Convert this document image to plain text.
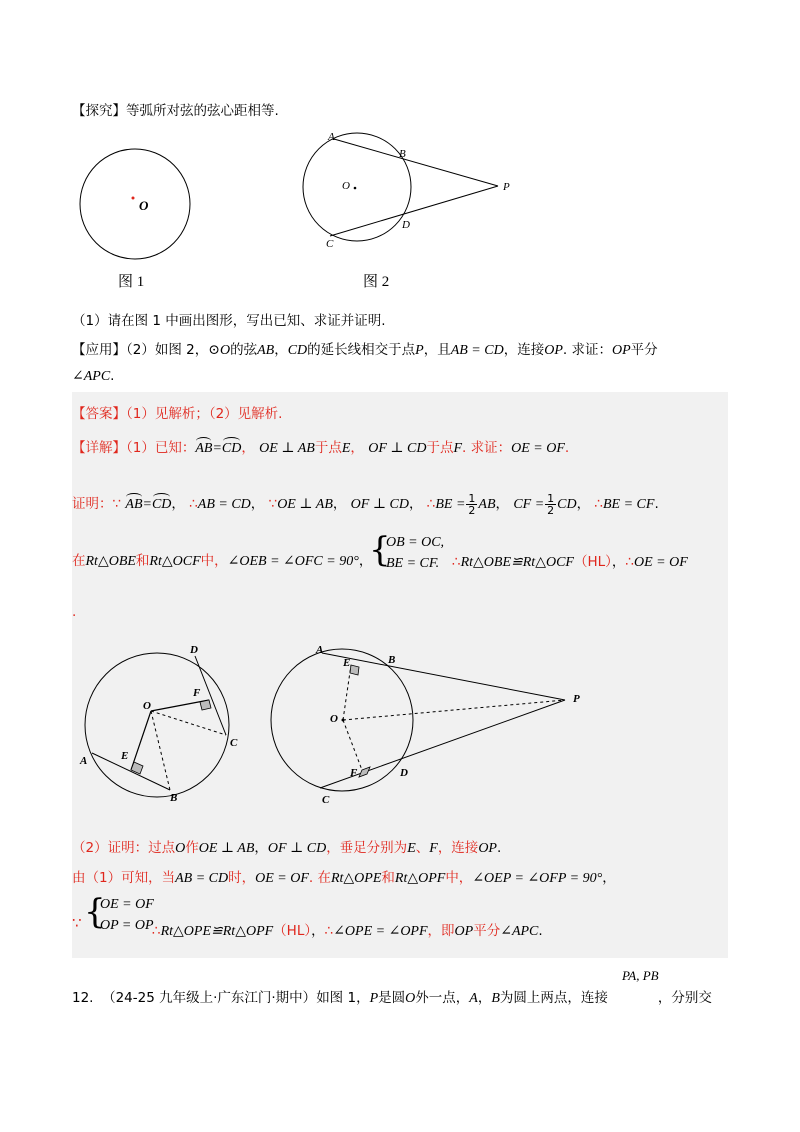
【探究】等弧所对弦的弦心距相等.
O
图 1
A
B
O	P
C
D
图 2
（1）请在图 1 中画出图形，写出已知、求证并证明.
【应用】（2）如图 2，⊙O的弦AB，CD的延长线相交于点P，且AB = CD，连接OP. 求证：OP平分
∠APC.
【答案】（1）见解析；（2）见解析.
【详解】（1）已知：AB=CD， OE ⊥ AB于点E， OF ⊥ CD于点F. 求证：OE = OF.
证明：∵ AB=CD， ∴AB = CD， ∵OE ⊥ AB， OF ⊥ CD， ∴BE = $\frac{1}{2}$ AB， CF = $\frac{1}{2}$ CD， ∴BE = CF.
在Rt△OBE和Rt△OCF中，∠OEB = ∠OFC = 90°，
{
OB = OC,
BE = CF. ∴Rt△OBE≌Rt△OCF（HL），∴OE = OF
.
D
F
O
C
E
A
B
A
E	B
P
O
F	D
C
（2）证明：过点O作OE ⊥ AB，OF ⊥ CD，垂足分别为E、F，连接OP.
由（1）可知，当AB = CD时，OE = OF. 在Rt△OPE和Rt△OPF中，∠OEP = ∠OFP = 90°，
∵ {
OE = OF
OP = OP
∴Rt△OPE≌Rt△OPF（HL），∴∠OPE = ∠OPF，即OP平分∠APC.
PA, PB
12. （24-25 九年级上·广东江门·期中）如图 1，P是圆O外一点，A，B为圆上两点，连接	，分别交
